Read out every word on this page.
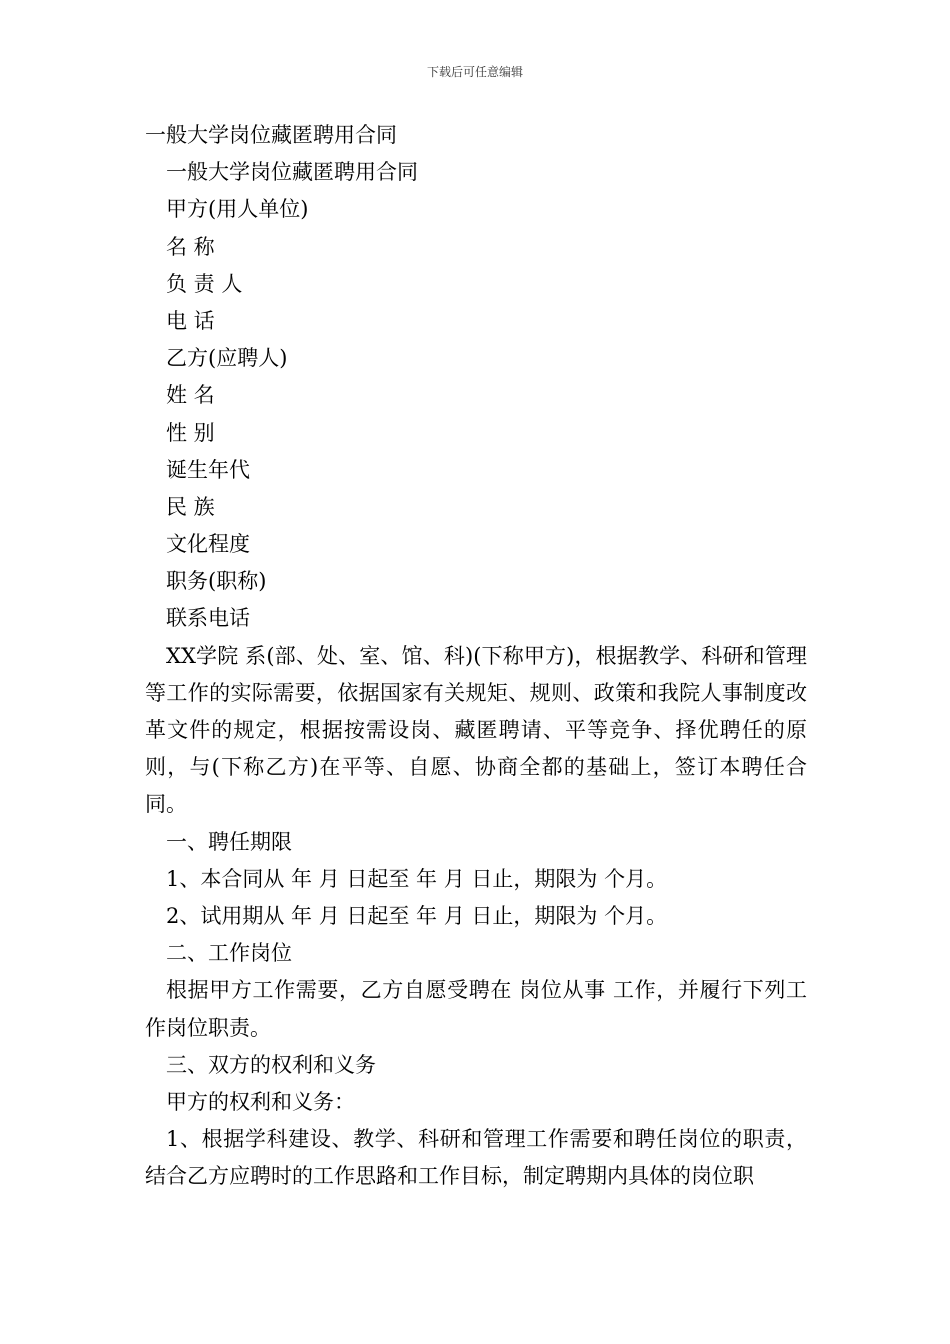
下载后可任意编辑
一般大学岗位藏匿聘用合同
一般大学岗位藏匿聘用合同
甲方(用人单位)
名 称
负 责 人
电 话
乙方(应聘人)
姓 名
性 别
诞生年代
民 族
文化程度
职务(职称)
联系电话
XX学院 系(部、处、室、馆、科)(下称甲方)，根据教学、科研和管理等工作的实际需要，依据国家有关规矩、规则、政策和我院人事制度改革文件的规定，根据按需设岗、藏匿聘请、平等竞争、择优聘任的原则，与(下称乙方)在平等、自愿、协商全都的基础上，签订本聘任合同。
一、聘任期限
1、本合同从 年 月 日起至 年 月 日止，期限为 个月。
2、试用期从 年 月 日起至 年 月 日止，期限为 个月。
二、工作岗位
根据甲方工作需要，乙方自愿受聘在 岗位从事 工作，并履行下列工作岗位职责。
三、双方的权利和义务
甲方的权利和义务：
1、根据学科建设、教学、科研和管理工作需要和聘任岗位的职责，结合乙方应聘时的工作思路和工作目标，制定聘期内具体的岗位职
